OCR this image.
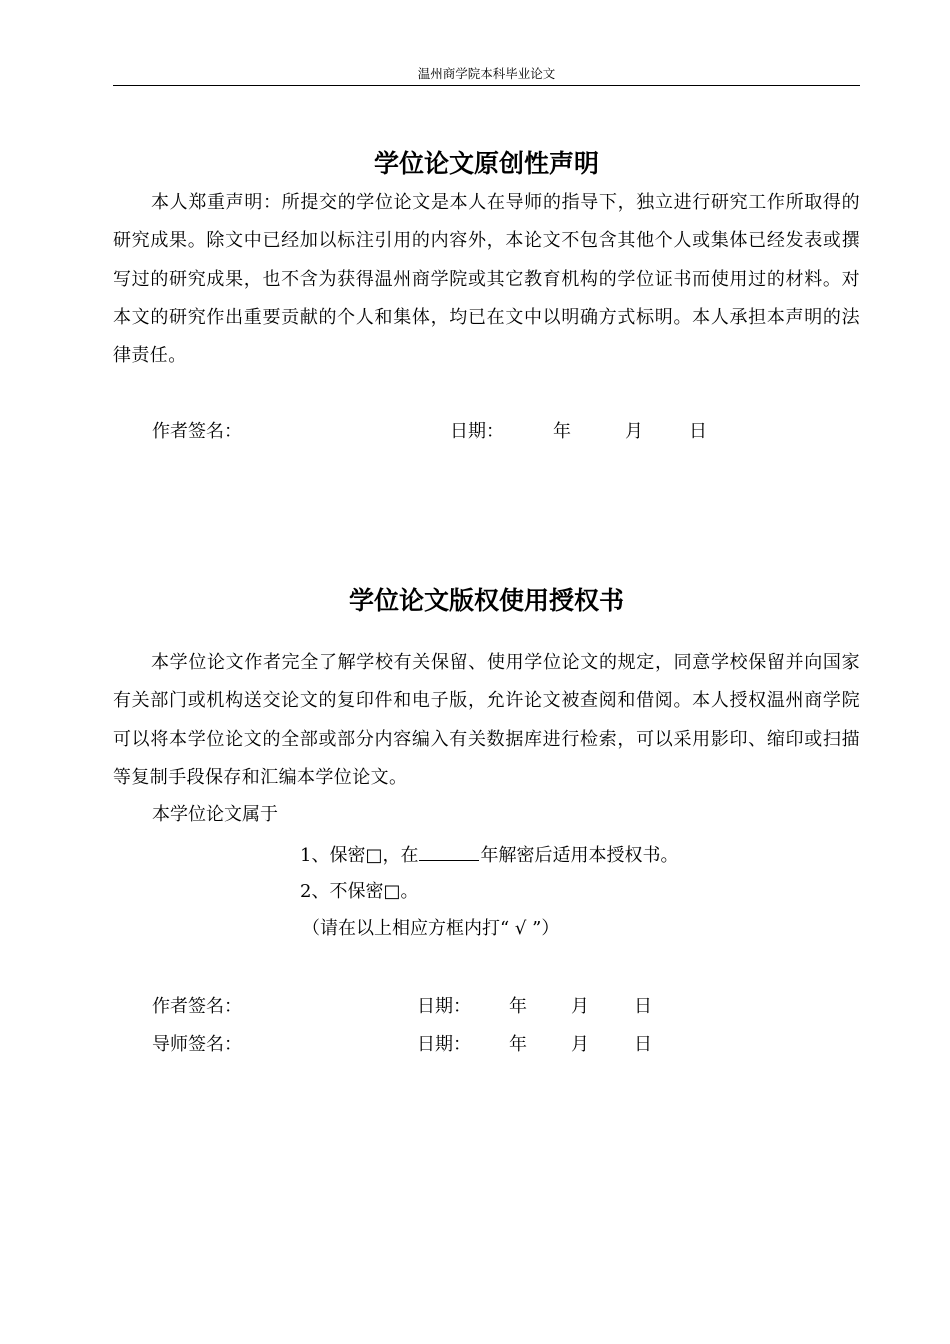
温州商学院本科毕业论文
学位论文原创性声明

本人郑重声明：所提交的学位论文是本人在导师的指导下，独立进行研究工作所取得的研究成果。除文中已经加以标注引用的内容外，本论文不包含其他个人或集体已经发表或撰写过的研究成果，也不含为获得温州商学院或其它教育机构的学位证书而使用过的材料。对本文的研究作出重要贡献的个人和集体，均已在文中以明确方式标明。本人承担本声明的法律责任。

作者签名：	日期：	年	月	日
学位论文版权使用授权书

本学位论文作者完全了解学校有关保留、使用学位论文的规定，同意学校保留并向国家有关部门或机构送交论文的复印件和电子版，允许论文被查阅和借阅。本人授权温州商学院可以将本学位论文的全部或部分内容编入有关数据库进行检索，可以采用影印、缩印或扫描等复制手段保存和汇编本学位论文。

本学位论文属于
1、保密□，在	年解密后适用本授权书。
2、不保密□。
（请在以上相应方框内打“ √ ”）
作者签名：	日期： 年 月	日
导师签名：	日期： 年 月	日
